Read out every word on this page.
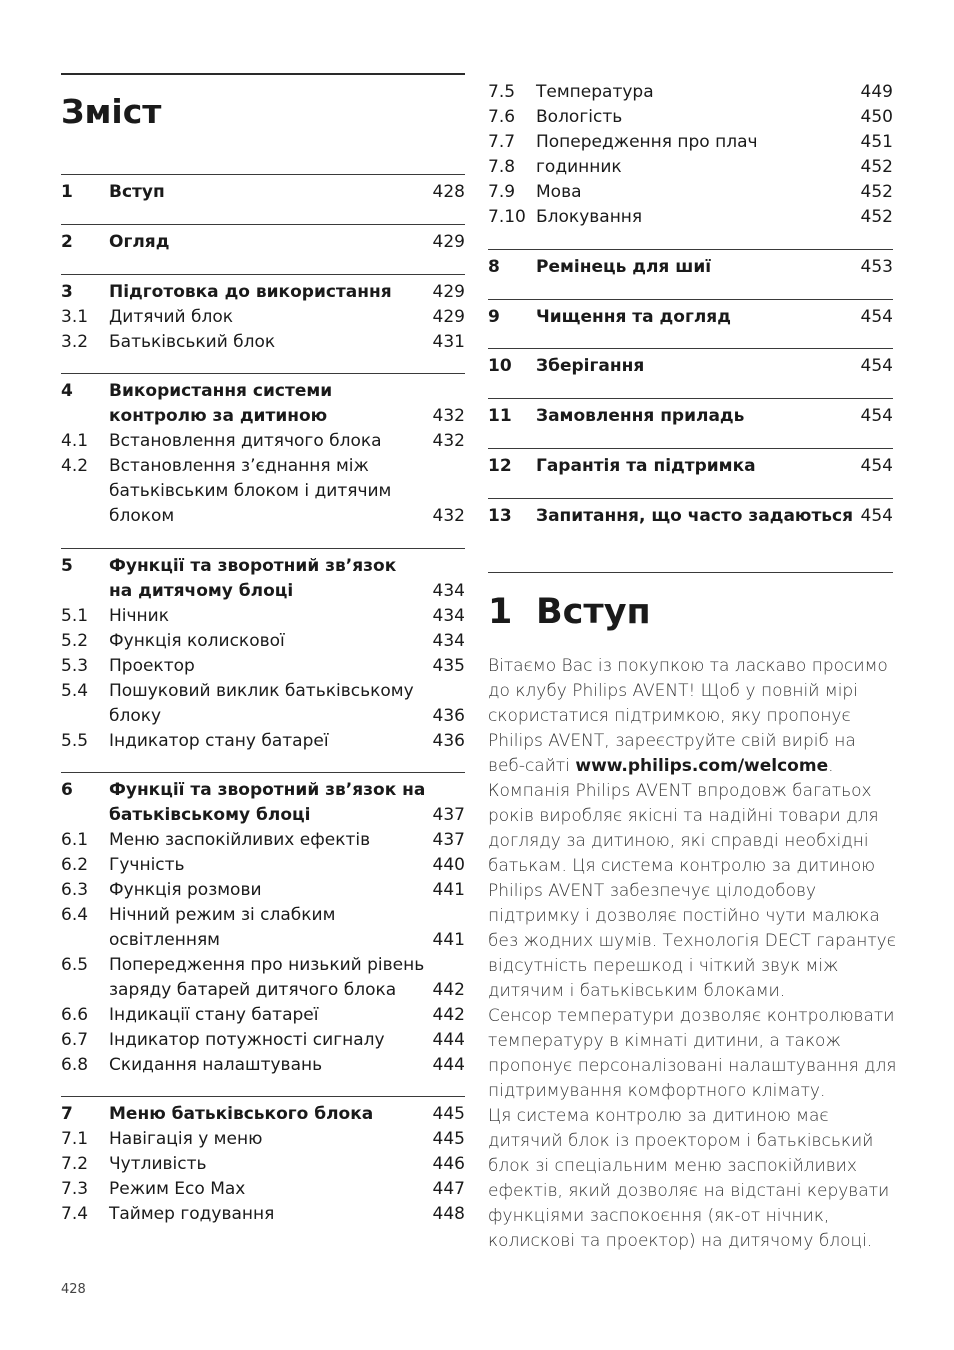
Зміст
1 Вступ	428
2 Огляд	429
3 Підготовка до використання 429
3.1 Дитячий блок	429
3.2 Батьківський блок	431
4 Використання системи
контролю за дитиною	432
4.1 Встановлення дитячого блока	432
4.2 Встановлення з’єднання між
батьківським блоком і дитячим
блоком	432
5 Функції та зворотний зв’язок
на дитячому блоці	434
5.1 Нічник	434
5.2 Функція колискової	434
5.3 Проектор	435
5.4 Пошуковий виклик батьківському
блоку	436
5.5 Індикатор стану батареї	436
6 Функції та зворотний зв’язок на
батьківському блоці	437
6.1 Меню заспокійливих ефектів	437
6.2 Гучність	440
6.3 Функція розмови	441
6.4 Нічний режим зі слабким
освітленням	441
6.5 Попередження про низький рівень
заряду батарей дитячого блока 442
6.6 Індикації стану батареї	442
6.7 Індикатор потужності сигналу	444
6.8 Скидання налаштувань	444
7 Меню батьківського блока	445
7.1 Навігація у меню	445
7.2 Чутливість	446
7.3 Режим Eco Max	447
7.4 Таймер годування	448
7.5 Температура	449
7.6 Вологість	450
7.7 Попередження про плач	451
7.8 годинник	452
7.9 Мова	452
7.10 Блокування	452
8 Ремінець для шиї	453
9 Чищення та догляд	454
10 Зберігання	454
11 Замовлення приладь	454
12 Гарантія та підтримка	454
13 Запитання, що часто задаються 454
1 Вступ

Вітаємо Вас із покупкою та ласкаво просимо до клубу Philips AVENT! Щоб у повній мірі скористатися підтримкою, яку пропонує Philips AVENT, зареєструйте свій виріб на веб-сайті www.philips.com/welcome.

Компанія Philips AVENT впродовж багатьох років виробляє якісні та надійні товари для догляду за дитиною, які справді необхідні батькам. Ця система контролю за дитиною Philips AVENT забезпечує цілодобову підтримку і дозволяє постійно чути малюка без жодних шумів. Технологія DECT гарантує відсутність перешкод і чіткий звук між дитячим і батьківським блоками.

Сенсор температури дозволяє контролювати температуру в кімнаті дитини, а також пропонує персоналізовані налаштування для підтримування комфортного клімату.

Ця система контролю за дитиною має дитячий блок із проектором і батьківський блок зі спеціальним меню заспокійливих ефектів, який дозволяє на відстані керувати функціями заспокоєння (як-от нічник, колискові та проектор) на дитячому блоці.

428
